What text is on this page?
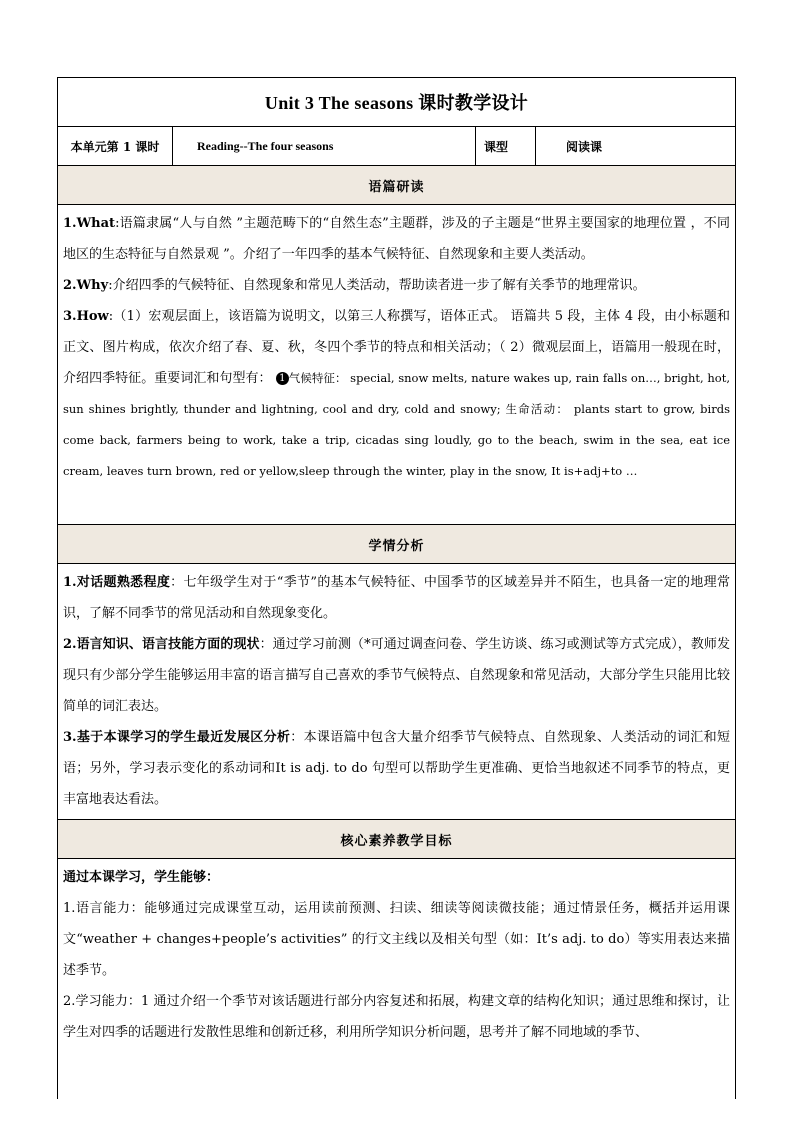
Unit 3 The seasons 课时教学设计
本单元第 1 课时	Reading--The four seasons	课型	阅读课
语篇研读

1.What:语篇隶属“人与自然 ”主题范畴下的“自然生态”主题群，涉及的子主题是“世界主要国家的地理位置 ，不同地区的生态特征与自然景观 ”。介绍了一年四季的基本气候特征、自然现象和主要人类活动。

2.Why:介绍四季的气候特征、自然现象和常见人类活动，帮助读者进一步了解有关季节的地理常识。

3.How:（1）宏观层面上，该语篇为说明文，以第三人称撰写，语体正式。 语篇共 5 段，主体 4 段，由小标题和正文、图片构成，依次介绍了春、夏、秋，冬四个季节的特点和相关活动；（ 2）微观层面上，语篇用一般现在时，介绍四季特征。重要词汇和句型有： 1 气候特征： special, snow melts, nature wakes up, rain falls on…, bright, hot, sun shines brightly, thunder and lightning, cool and dry, cold and snowy; 生命活动： plants start to grow, birds come back, farmers being to work, take a trip, cicadas sing loudly, go to the beach, swim in the sea, eat ice cream, leaves turn brown, red or yellow,sleep through the winter, play in the snow, It is+adj+to …

学情分析

1.对话题熟悉程度：七年级学生对于“季节”的基本气候特征、中国季节的区域差异并不陌生，也具备一定的地理常识，了解不同季节的常见活动和自然现象变化。

2.语言知识、语言技能方面的现状：通过学习前测（*可通过调查问卷、学生访谈、练习或测试等方式完成），教师发现只有少部分学生能够运用丰富的语言描写自己喜欢的季节气候特点、自然现象和常见活动，大部分学生只能用比较简单的词汇表达。

3.基于本课学习的学生最近发展区分析：本课语篇中包含大量介绍季节气候特点、自然现象、人类活动的词汇和短语；另外，学习表示变化的系动词和It is adj. to do 句型可以帮助学生更准确、更恰当地叙述不同季节的特点，更丰富地表达看法。

核心素养教学目标

通过本课学习，学生能够：

1.语言能力：能够通过完成课堂互动，运用读前预测、扫读、细读等阅读微技能；通过情景任务，概括并运用课文“weather + changes+people’s activities” 的行文主线以及相关句型（如：It’s adj. to do）等实用表达来描述季节。

2.学习能力：1 通过介绍一个季节对该话题进行部分内容复述和拓展，构建文章的结构化知识；通过思维和探讨，让学生对四季的话题进行发散性思维和创新迁移，利用所学知识分析问题，思考并了解不同地域的季节、
